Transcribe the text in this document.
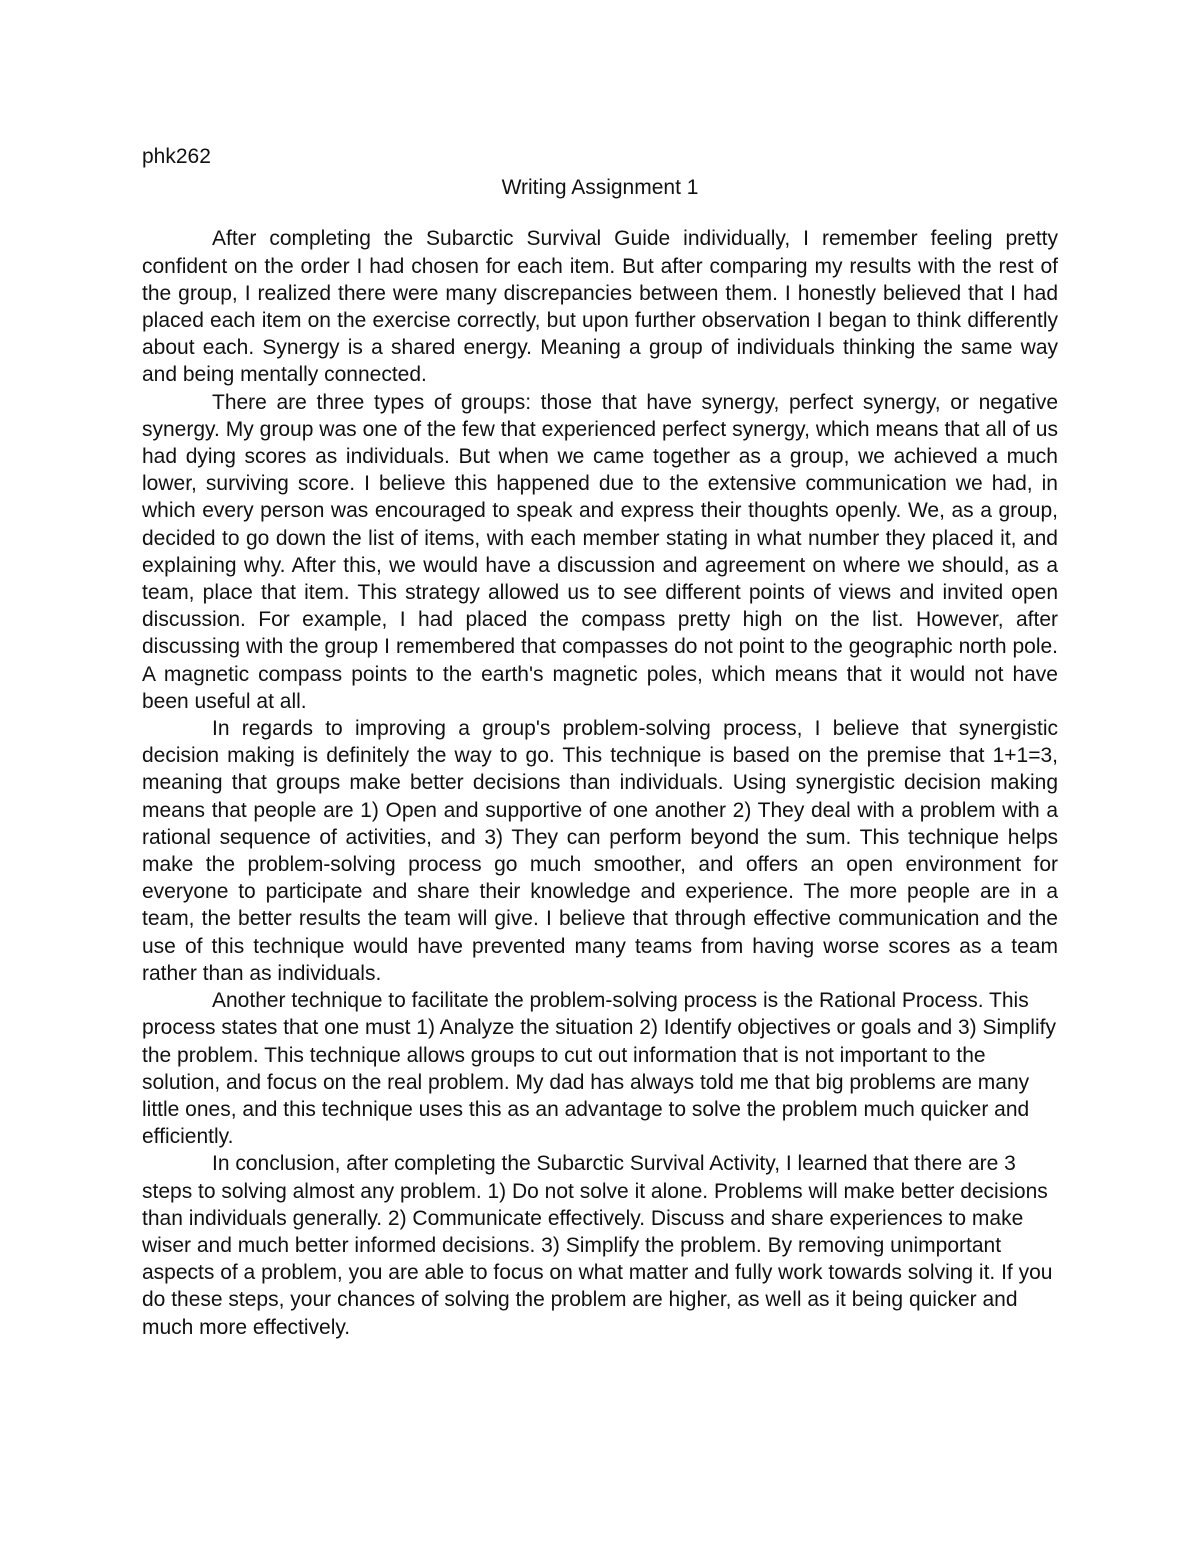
phk262

Writing Assignment 1

After completing the Subarctic Survival Guide individually, I remember feeling pretty confident on the order I had chosen for each item. But after comparing my results with the rest of the group, I realized there were many discrepancies between them. I honestly believed that I had placed each item on the exercise correctly, but upon further observation I began to think differently about each. Synergy is a shared energy. Meaning a group of individuals thinking the same way and being mentally connected.

There are three types of groups: those that have synergy, perfect synergy, or negative synergy. My group was one of the few that experienced perfect synergy, which means that all of us had dying scores as individuals. But when we came together as a group, we achieved a much lower, surviving score. I believe this happened due to the extensive communication we had, in which every person was encouraged to speak and express their thoughts openly. We, as a group, decided to go down the list of items, with each member stating in what number they placed it, and explaining why. After this, we would have a discussion and agreement on where we should, as a team, place that item. This strategy allowed us to see different points of views and invited open discussion. For example, I had placed the compass pretty high on the list. However, after discussing with the group I remembered that compasses do not point to the geographic north pole. A magnetic compass points to the earth's magnetic poles, which means that it would not have been useful at all.

In regards to improving a group's problem-solving process, I believe that synergistic decision making is definitely the way to go. This technique is based on the premise that 1+1=3, meaning that groups make better decisions than individuals. Using synergistic decision making means that people are 1) Open and supportive of one another 2) They deal with a problem with a rational sequence of activities, and 3) They can perform beyond the sum. This technique helps make the problem-solving process go much smoother, and offers an open environment for everyone to participate and share their knowledge and experience. The more people are in a team, the better results the team will give. I believe that through effective communication and the use of this technique would have prevented many teams from having worse scores as a team rather than as individuals.

Another technique to facilitate the problem-solving process is the Rational Process. This process states that one must 1) Analyze the situation 2) Identify objectives or goals and 3) Simplify the problem. This technique allows groups to cut out information that is not important to the solution, and focus on the real problem. My dad has always told me that big problems are many little ones, and this technique uses this as an advantage to solve the problem much quicker and efficiently.

In conclusion, after completing the Subarctic Survival Activity, I learned that there are 3 steps to solving almost any problem. 1) Do not solve it alone. Problems will make better decisions than individuals generally. 2) Communicate effectively. Discuss and share experiences to make wiser and much better informed decisions. 3) Simplify the problem. By removing unimportant aspects of a problem, you are able to focus on what matter and fully work towards solving it. If you do these steps, your chances of solving the problem are higher, as well as it being quicker and much more effectively.
